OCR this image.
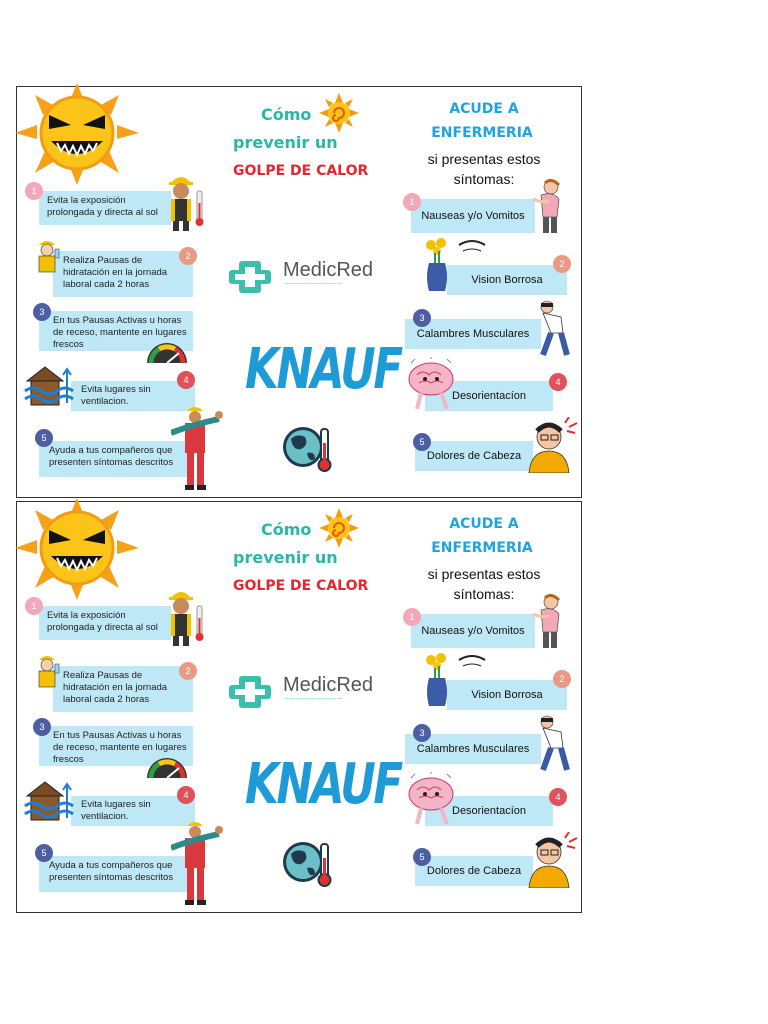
Cómo
prevenir un
GOLPE DE CALOR
Evita la exposición prolongada y directa al sol
1
Realiza Pausas de hidratación en la jornada laboral cada 2 horas
2
En tus Pausas Activas u horas de receso, mantente en lugares frescos
3
Evita lugares sin ventilacion.
4
Ayuda a tus compañeros que presenten síntomas descritos
5
MedicRed
───────────
KNAUF
ACUDE A
ENFERMERIA
si presentas estos
síntomas:
Nauseas y/o Vomitos
1
Vision Borrosa
2
Calambres Musculares
3
Desorientacíon
4
Dolores de Cabeza
5
Cómo
prevenir un
GOLPE DE CALOR
Evita la exposición prolongada y directa al sol
1
Realiza Pausas de hidratación en la jornada laboral cada 2 horas
2
En tus Pausas Activas u horas de receso, mantente en lugares frescos
3
Evita lugares sin ventilacion.
4
Ayuda a tus compañeros que presenten síntomas descritos
5
MedicRed
───────────
KNAUF
ACUDE A
ENFERMERIA
si presentas estos
síntomas:
Nauseas y/o Vomitos
1
Vision Borrosa
2
Calambres Musculares
3
Desorientacíon
4
Dolores de Cabeza
5
